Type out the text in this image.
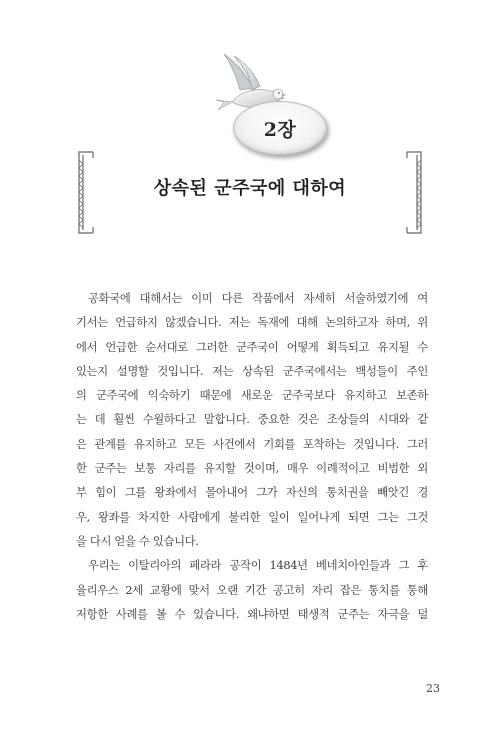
2장
상속된 군주국에 대하여
공화국에 대해서는 이미 다른 작품에서 자세히 서술하였기에 여
기서는 언급하지 않겠습니다. 저는 독재에 대해 논의하고자 하며, 위
에서 언급한 순서대로 그러한 군주국이 어떻게 획득되고 유지될 수
있는지 설명할 것입니다. 저는 상속된 군주국에서는 백성들이 주인
의 군주국에 익숙하기 때문에 새로운 군주국보다 유지하고 보존하
는 데 훨씬 수월하다고 말합니다. 중요한 것은 조상들의 시대와 같
은 관계를 유지하고 모든 사건에서 기회를 포착하는 것입니다. 그러
한 군주는 보통 자리를 유지할 것이며, 매우 이례적이고 비범한 외
부 힘이 그를 왕좌에서 몰아내어 그가 자신의 통치권을 빼앗긴 경
우, 왕좌를 차지한 사람에게 불리한 일이 일어나게 되면 그는 그것
을 다시 얻을 수 있습니다.
우리는 이탈리아의 페라라 공작이 1484년 베네치아인들과 그 후
율리우스 2세 교황에 맞서 오랜 기간 공고히 자리 잡은 통치를 통해
저항한 사례를 볼 수 있습니다. 왜냐하면 태생적 군주는 자극을 덜
23
